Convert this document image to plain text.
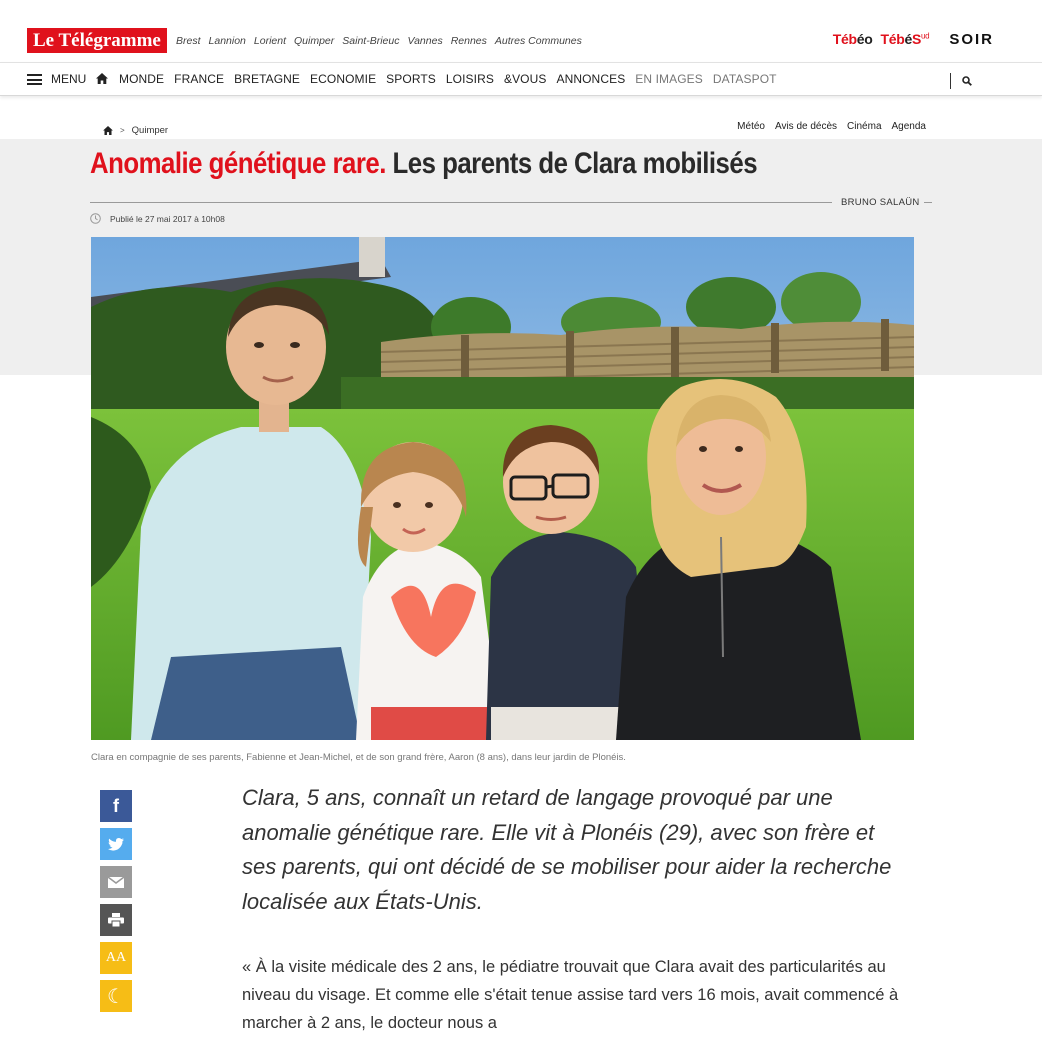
Le Télégramme	Brest Lannion Lorient Quimper Saint-Brieuc Vannes Rennes Autres Communes	Tébéo TébéS$^{ud}$ SOIR
MENU	MONDE FRANCE BRETAGNE ECONOMIE SPORTS LOISIRS &VOUS ANNONCES EN IMAGES DATASPOT
> Quimper	Météo Avis de décès Cinéma Agenda
Anomalie génétique rare. Les parents de Clara mobilisés
BRUNO SALAÜN
Publié le 27 mai 2017 à 10h08
Clara en compagnie de ses parents, Fabienne et Jean-Michel, et de son grand frère, Aaron (8 ans), dans leur jardin de Plonéis.
f
AA
☾

Clara, 5 ans, connaît un retard de langage provoqué par une anomalie génétique rare. Elle vit à Plonéis (29), avec son frère et ses parents, qui ont décidé de se mobiliser pour aider la recherche localisée aux États-Unis.

« À la visite médicale des 2 ans, le pédiatre trouvait que Clara avait des particularités au niveau du visage. Et comme elle s'était tenue assise tard vers 16 mois, avait commencé à marcher à 2 ans, le docteur nous a
